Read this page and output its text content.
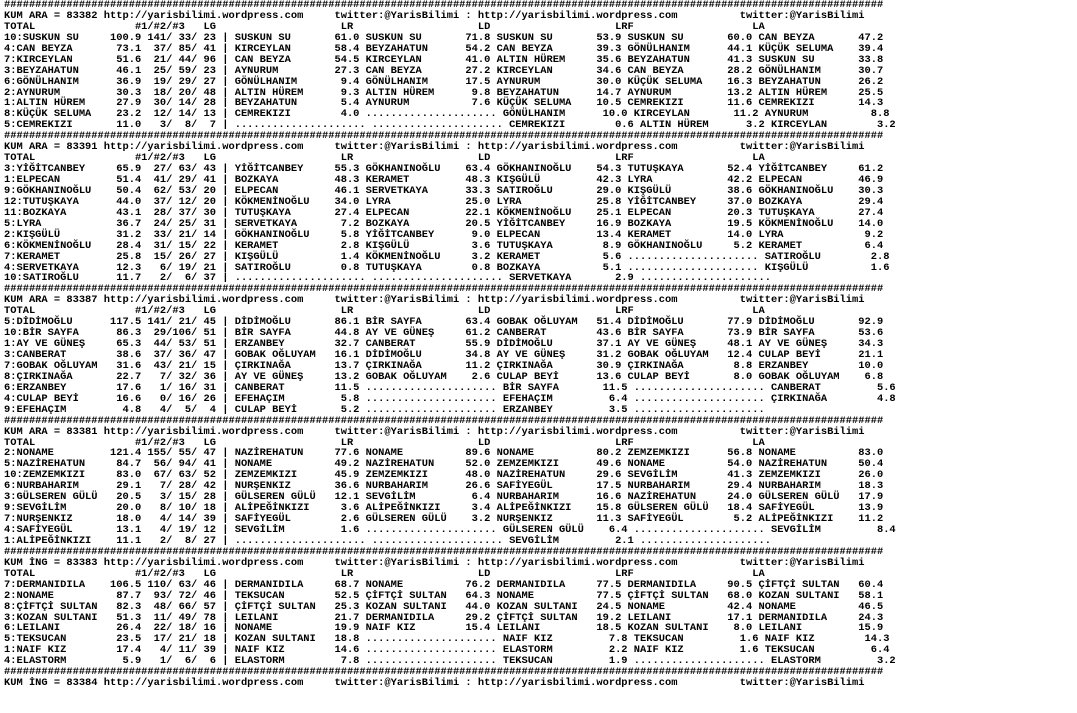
#############################################################################################################################################
KUM ARA = 83382 http://yarisbilimi.wordpress.com     twitter:@YarisBilimi : http://yarisbilimi.wordpress.com          twitter:@YarisBilimi
TOTAL                #1/#2/#3   LG                    LR                    LD                    LRF                   LA
10:SUSKUN SU     100.9 141/ 33/ 23 | SUSKUN SU       61.0 SUSKUN SU       71.8 SUSKUN SU       53.9 SUSKUN SU       60.0 CAN BEYZA       47.2
4:CAN BEYZA       73.1  37/ 85/ 41 | KIRCEYLAN       58.4 BEYZAHATUN      54.2 CAN BEYZA       39.3 GÖNÜLHANIM      44.1 KÜÇÜK SELUMA    39.4
7:KIRCEYLAN       51.6  21/ 44/ 96 | CAN BEYZA       54.5 KIRCEYLAN       41.0 ALTIN HÜREM     35.6 BEYZAHATUN      41.3 SUSKUN SU       33.8
3:BEYZAHATUN      46.1  25/ 59/ 23 | AYNURUM         27.3 CAN BEYZA       27.2 KIRCEYLAN       34.6 CAN BEYZA       28.2 GÖNÜLHANIM      30.7
6:GÖNÜLHANIM      36.9  19/ 29/ 27 | GÖNÜLHANIM       9.4 GÖNÜLHANIM      17.5 AYNURUM         30.0 KÜÇÜK SELUMA    16.3 BEYZAHATUN      26.2
2:AYNURUM         30.3  18/ 20/ 48 | ALTIN HÜREM      9.3 ALTIN HÜREM      9.8 BEYZAHATUN      14.7 AYNURUM         13.2 ALTIN HÜREM     25.5
1:ALTIN HÜREM     27.9  30/ 14/ 28 | BEYZAHATUN       5.4 AYNURUM          7.6 KÜÇÜK SELUMA    10.5 CEMREKIZI       11.6 CEMREKIZI       14.3
8:KÜÇÜK SELUMA    23.2  12/ 14/ 13 | CEMREKIZI        4.0 ..................... GÖNÜLHANIM      10.0 KIRCEYLAN       11.2 AYNURUM          8.8
5:CEMREKIZI       11.0   3/  8/  7 | ..................... ..................... CEMREKIZI        0.6 ALTIN HÜREM      3.2 KIRCEYLAN        3.2
#############################################################################################################################################
KUM ARA = 83391 http://yarisbilimi.wordpress.com     twitter:@YarisBilimi : http://yarisbilimi.wordpress.com          twitter:@YarisBilimi
TOTAL                #1/#2/#3   LG                    LR                    LD                    LRF                   LA
3:YİĞİTCANBEY     65.9  27/ 63/ 43 | YİĞİTCANBEY     55.3 GÖKHANINOĞLU    63.4 GÖKHANINOĞLU    54.3 TUTUŞKAYA       52.4 YİĞİTCANBEY     61.2
1:ELPECAN         51.4  41/ 29/ 41 | BOZKAYA         48.3 KERAMET         48.3 KIŞGÜLÜ         42.3 LYRA            42.2 ELPECAN         46.9
9:GÖKHANINOĞLU    50.4  62/ 53/ 20 | ELPECAN         46.1 SERVETKAYA      33.3 SATIROĞLU       29.0 KIŞGÜLÜ         38.6 GÖKHANINOĞLU    30.3
12:TUTUŞKAYA      44.0  37/ 12/ 20 | KÖKMENİNOĞLU    34.0 LYRA            25.0 LYRA            25.8 YİĞİTCANBEY     37.0 BOZKAYA         29.4
11:BOZKAYA        43.1  28/ 37/ 30 | TUTUŞKAYA       27.4 ELPECAN         22.1 KÖKMENİNOĞLU    25.1 ELPECAN         20.3 TUTUŞKAYA       27.4
5:LYRA            36.7  24/ 25/ 31 | SERVETKAYA       7.2 BOZKAYA         20.5 YİĞİTCANBEY     16.9 BOZKAYA         19.5 KÖKMENİNOĞLU    14.0
2:KIŞGÜLÜ         31.2  33/ 21/ 14 | GÖKHANINOĞLU     5.8 YİĞİTCANBEY      9.0 ELPECAN         13.4 KERAMET         14.0 LYRA             9.2
6:KÖKMENİNOĞLU    28.4  31/ 15/ 22 | KERAMET          2.8 KIŞGÜLÜ          3.6 TUTUŞKAYA        8.9 GÖKHANINOĞLU     5.2 KERAMET          6.4
7:KERAMET         25.8  15/ 26/ 27 | KIŞGÜLÜ          1.4 KÖKMENİNOĞLU     3.2 KERAMET          5.6 ..................... SATIROĞLU        2.8
4:SERVETKAYA      12.3   6/ 19/ 21 | SATIROĞLU        0.8 TUTUŞKAYA        0.8 BOZKAYA          5.1 ..................... KIŞGÜLÜ          1.6
10:SATIROĞLU      11.7   2/  6/ 37 | ..................... ..................... SERVETKAYA       2.9 .....................
#############################################################################################################################################
KUM ARA = 83387 http://yarisbilimi.wordpress.com     twitter:@YarisBilimi : http://yarisbilimi.wordpress.com          twitter:@YarisBilimi
TOTAL                #1/#2/#3   LG                    LR                    LD                    LRF                   LA
5:DİDİMOĞLU      117.5 141/ 21/ 45 | DİDİMOĞLU       86.1 BİR SAYFA       63.4 GOBAK OĞLUYAM   51.4 DİDİMOĞLU       77.9 DİDİMOĞLU       92.9
10:BİR SAYFA      86.3  29/106/ 51 | BİR SAYFA       44.8 AY VE GÜNEŞ     61.2 CANBERAT        43.6 BİR SAYFA       73.9 BİR SAYFA       53.6
1:AY VE GÜNEŞ     65.3  44/ 53/ 51 | ERZANBEY        32.7 CANBERAT        55.9 DİDİMOĞLU       37.1 AY VE GÜNEŞ     48.1 AY VE GÜNEŞ     34.3
3:CANBERAT        38.6  37/ 36/ 47 | GOBAK OĞLUYAM   16.1 DİDİMOĞLU       34.8 AY VE GÜNEŞ     31.2 GOBAK OĞLUYAM   12.4 CULAP BEYİ      21.1
7:GOBAK OĞLUYAM   31.6  43/ 21/ 15 | ÇIRKINAĞA       13.7 ÇIRKINAĞA       11.2 ÇIRKINAĞA       30.9 ÇIRKINAĞA        8.8 ERZANBEY        10.0
8:ÇIRKINAĞA       22.7   7/ 32/ 36 | AY VE GÜNEŞ     13.2 GOBAK OĞLUYAM    2.6 CULAP BEYİ      13.6 CULAP BEYİ       8.0 GOBAK OĞLUYAM    6.8
6:ERZANBEY        17.6   1/ 16/ 31 | CANBERAT        11.5 ..................... BİR SAYFA       11.5 ..................... CANBERAT         5.6
4:CULAP BEYİ      16.6   0/ 16/ 26 | EFEHAÇIM         5.8 ..................... EFEHAÇIM         6.4 ..................... ÇIRKINAĞA        4.8
9:EFEHAÇIM         4.8   4/  5/  4 | CULAP BEYİ       5.2 ..................... ERZANBEY         3.5 .....................
#############################################################################################################################################
KUM ARA = 83381 http://yarisbilimi.wordpress.com     twitter:@YarisBilimi : http://yarisbilimi.wordpress.com          twitter:@YarisBilimi
TOTAL                #1/#2/#3   LG                    LR                    LD                    LRF                   LA
2:NONAME         121.4 155/ 55/ 47 | NAZİREHATUN     77.6 NONAME          89.6 NONAME          80.2 ZEMZEMKIZI      56.8 NONAME          83.0
5:NAZİREHATUN     84.7  56/ 94/ 41 | NONAME          49.2 NAZİREHATUN     52.0 ZEMZEMKIZI      49.6 NONAME          54.0 NAZİREHATUN     50.4
10:ZEMZEMKIZI     83.0  67/ 63/ 52 | ZEMZEMKIZI      45.9 ZEMZEMKIZI      48.0 NAZİREHATUN     29.6 SEVGİLİM        41.3 ZEMZEMKIZI      26.0
6:NURBAHARIM      29.1   7/ 28/ 42 | NURŞENKIZ       36.6 NURBAHARIM      26.6 SAFİYEGÜL       17.5 NURBAHARIM      29.4 NURBAHARIM      18.3
3:GÜLSEREN GÜLÜ   20.5   3/ 15/ 28 | GÜLSEREN GÜLÜ   12.1 SEVGİLİM         6.4 NURBAHARIM      16.6 NAZİREHATUN     24.0 GÜLSEREN GÜLÜ   17.9
9:SEVGİLİM        20.0   8/ 10/ 18 | ALİPEĞİNKIZI     3.6 ALİPEĞİNKIZI     3.4 ALİPEĞİNKIZI    15.8 GÜLSEREN GÜLÜ   18.4 SAFİYEGÜL       13.9
7:NURŞENKIZ       18.0   4/ 14/ 39 | SAFİYEGÜL        2.6 GÜLSEREN GÜLÜ    3.2 NURŞENKIZ       11.3 SAFİYEGÜL        5.2 ALİPEĞİNKIZI    11.2
4:SAFİYEGÜL       13.1   4/ 19/ 12 | SEVGİLİM         1.6 ..................... GÜLSEREN GÜLÜ    6.4 ..................... SEVGİLİM         8.4
1:ALİPEĞİNKIZI    11.1   2/  8/ 27 | ..................... ..................... SEVGİLİM         2.1 .....................
#############################################################################################################################################
KUM İNG = 83383 http://yarisbilimi.wordpress.com     twitter:@YarisBilimi : http://yarisbilimi.wordpress.com          twitter:@YarisBilimi
TOTAL                #1/#2/#3   LG                    LR                    LD                    LRF                   LA
7:DERMANIDILA    106.5 110/ 63/ 46 | DERMANIDILA     68.7 NONAME          76.2 DERMANIDILA     77.5 DERMANIDILA     90.5 ÇİFTÇİ SULTAN   60.4
2:NONAME          87.7  93/ 72/ 46 | TEKSUCAN        52.5 ÇİFTÇİ SULTAN   64.3 NONAME          77.5 ÇİFTÇİ SULTAN   68.0 KOZAN SULTANI   58.1
8:ÇİFTÇİ SULTAN   82.3  48/ 66/ 57 | ÇİFTÇİ SULTAN   25.3 KOZAN SULTANI   44.0 KOZAN SULTANI   24.5 NONAME          42.4 NONAME          46.5
3:KOZAN SULTANI   51.3  11/ 49/ 78 | LEILANI         21.7 DERMANIDILA     29.2 ÇİFTÇİ SULTAN   19.2 LEILANI         17.1 DERMANIDILA     24.3
6:LEILANI         26.4  22/ 18/ 16 | NONAME          19.9 NAIF KIZ        15.4 LEILANI         18.5 KOZAN SULTANI    8.0 LEILANI         15.9
5:TEKSUCAN        23.5  17/ 21/ 18 | KOZAN SULTANI   18.8 ..................... NAIF KIZ         7.8 TEKSUCAN         1.6 NAIF KIZ        14.3
1:NAIF KIZ        17.4   4/ 11/ 39 | NAIF KIZ        14.6 ..................... ELASTORM         2.2 NAIF KIZ         1.6 TEKSUCAN         6.4
4:ELASTORM         5.9   1/  6/  6 | ELASTORM         7.8 ..................... TEKSUCAN         1.9 ..................... ELASTORM         3.2
#############################################################################################################################################
KUM İNG = 83384 http://yarisbilimi.wordpress.com     twitter:@YarisBilimi : http://yarisbilimi.wordpress.com          twitter:@YarisBilimi
